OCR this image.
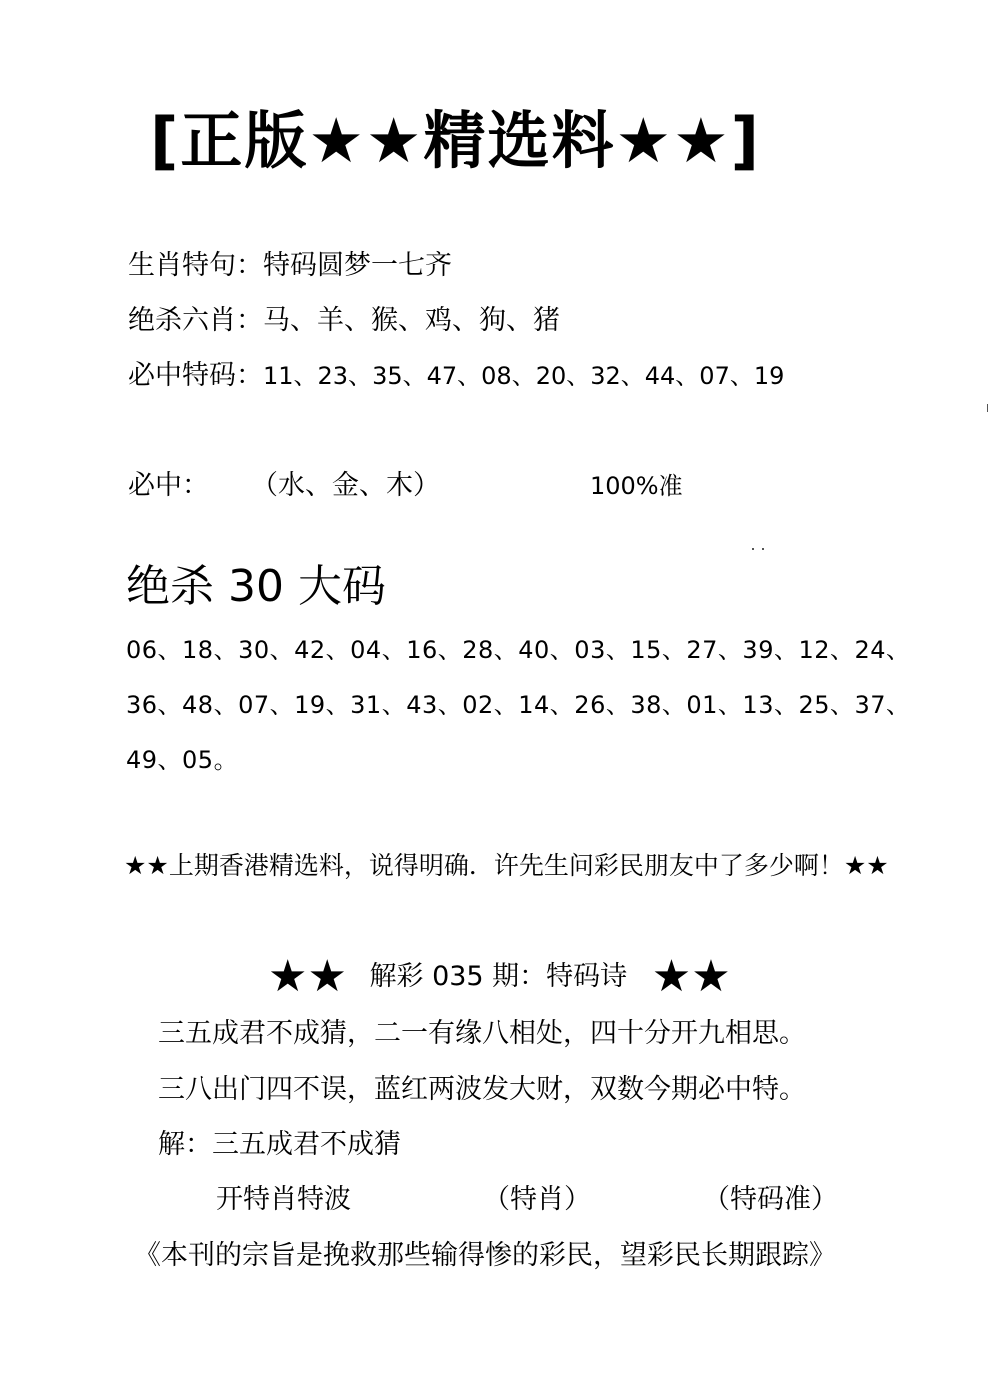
[正版★★精选料★★]
生肖特句：特码圆梦一七齐
绝杀六肖：马、羊、猴、鸡、狗、猪
必中特码：11、23、35、47、08、20、32、44、07、19
必中： （水、金、木）	100%准
绝杀 30 大码
06、18、30、42、04、16、28、40、03、15、27、39、12、24、
36、48、07、19、31、43、02、14、26、38、01、13、25、37、
49、05。
★★上期香港精选料，说得明确．许先生问彩民朋友中了多少啊！★★
★★ 解彩 035 期：特码诗 ★★
三五成君不成猜，二一有缘八相处，四十分开九相思。
三八出门四不误，蓝红两波发大财，双数今期必中特。
解：三五成君不成猜
开特肖特波	（特肖）	（特码准）
《本刊的宗旨是挽救那些输得惨的彩民，望彩民长期跟踪》
